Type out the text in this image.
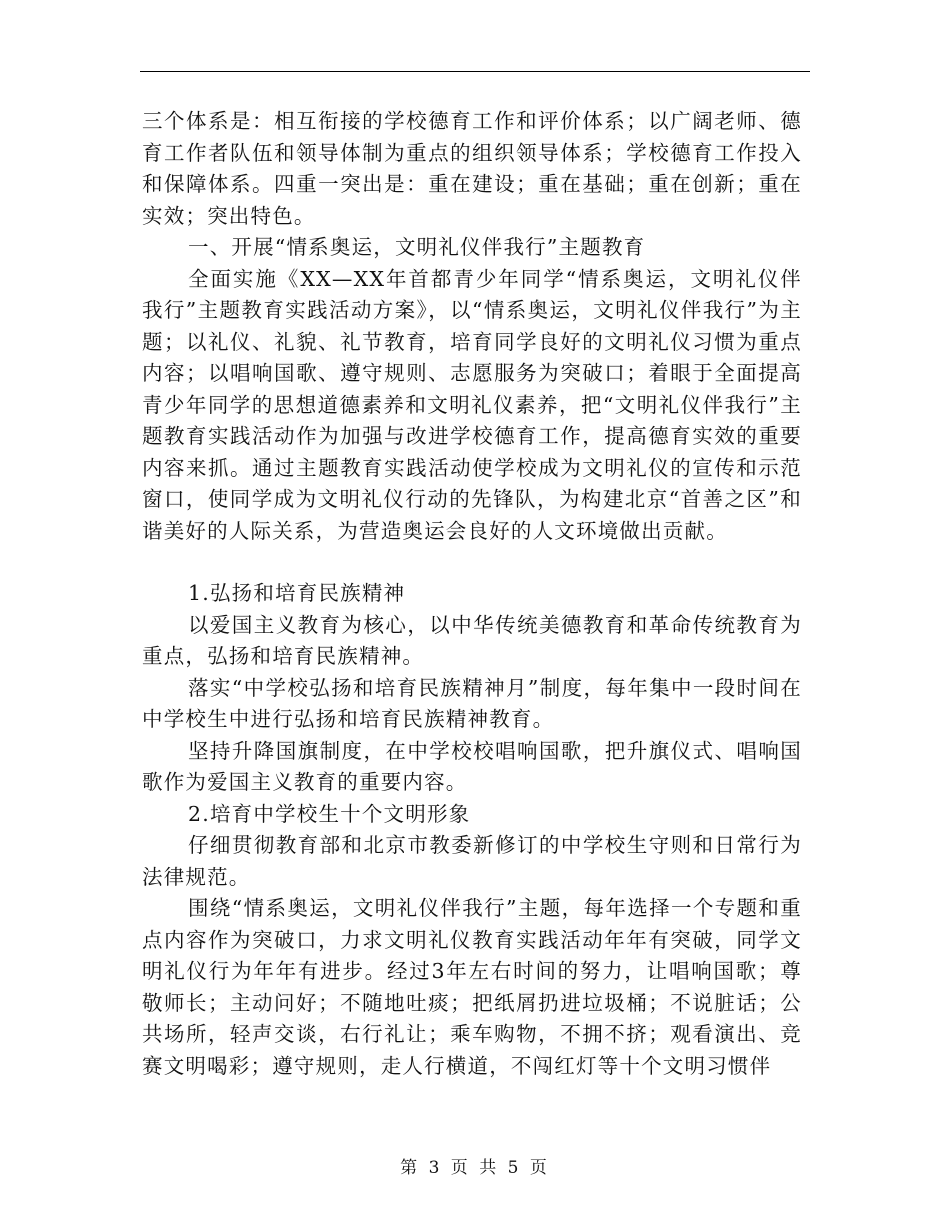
三个体系是：相互衔接的学校德育工作和评价体系；以广阔老师、德育工作者队伍和领导体制为重点的组织领导体系；学校德育工作投入和保障体系。四重一突出是：重在建设；重在基础；重在创新；重在实效；突出特色。

一、开展“情系奥运，文明礼仪伴我行”主题教育

全面实施《XX—XX年首都青少年同学“情系奥运，文明礼仪伴我行”主题教育实践活动方案》，以“情系奥运，文明礼仪伴我行”为主题；以礼仪、礼貌、礼节教育，培育同学良好的文明礼仪习惯为重点内容；以唱响国歌、遵守规则、志愿服务为突破口；着眼于全面提高青少年同学的思想道德素养和文明礼仪素养，把“文明礼仪伴我行”主题教育实践活动作为加强与改进学校德育工作，提高德育实效的重要内容来抓。通过主题教育实践活动使学校成为文明礼仪的宣传和示范窗口，使同学成为文明礼仪行动的先锋队，为构建北京“首善之区”和谐美好的人际关系，为营造奥运会良好的人文环境做出贡献。

1.弘扬和培育民族精神

以爱国主义教育为核心，以中华传统美德教育和革命传统教育为重点，弘扬和培育民族精神。

落实“中学校弘扬和培育民族精神月”制度，每年集中一段时间在中学校生中进行弘扬和培育民族精神教育。

坚持升降国旗制度，在中学校校唱响国歌，把升旗仪式、唱响国歌作为爱国主义教育的重要内容。

2.培育中学校生十个文明形象

仔细贯彻教育部和北京市教委新修订的中学校生守则和日常行为法律规范。

围绕“情系奥运，文明礼仪伴我行”主题，每年选择一个专题和重点内容作为突破口，力求文明礼仪教育实践活动年年有突破，同学文明礼仪行为年年有进步。经过3年左右时间的努力，让唱响国歌；尊敬师长；主动问好；不随地吐痰；把纸屑扔进垃圾桶；不说脏话；公共场所，轻声交谈，右行礼让；乘车购物，不拥不挤；观看演出、竞赛文明喝彩；遵守规则，走人行横道，不闯红灯等十个文明习惯伴

第 3 页 共 5 页
